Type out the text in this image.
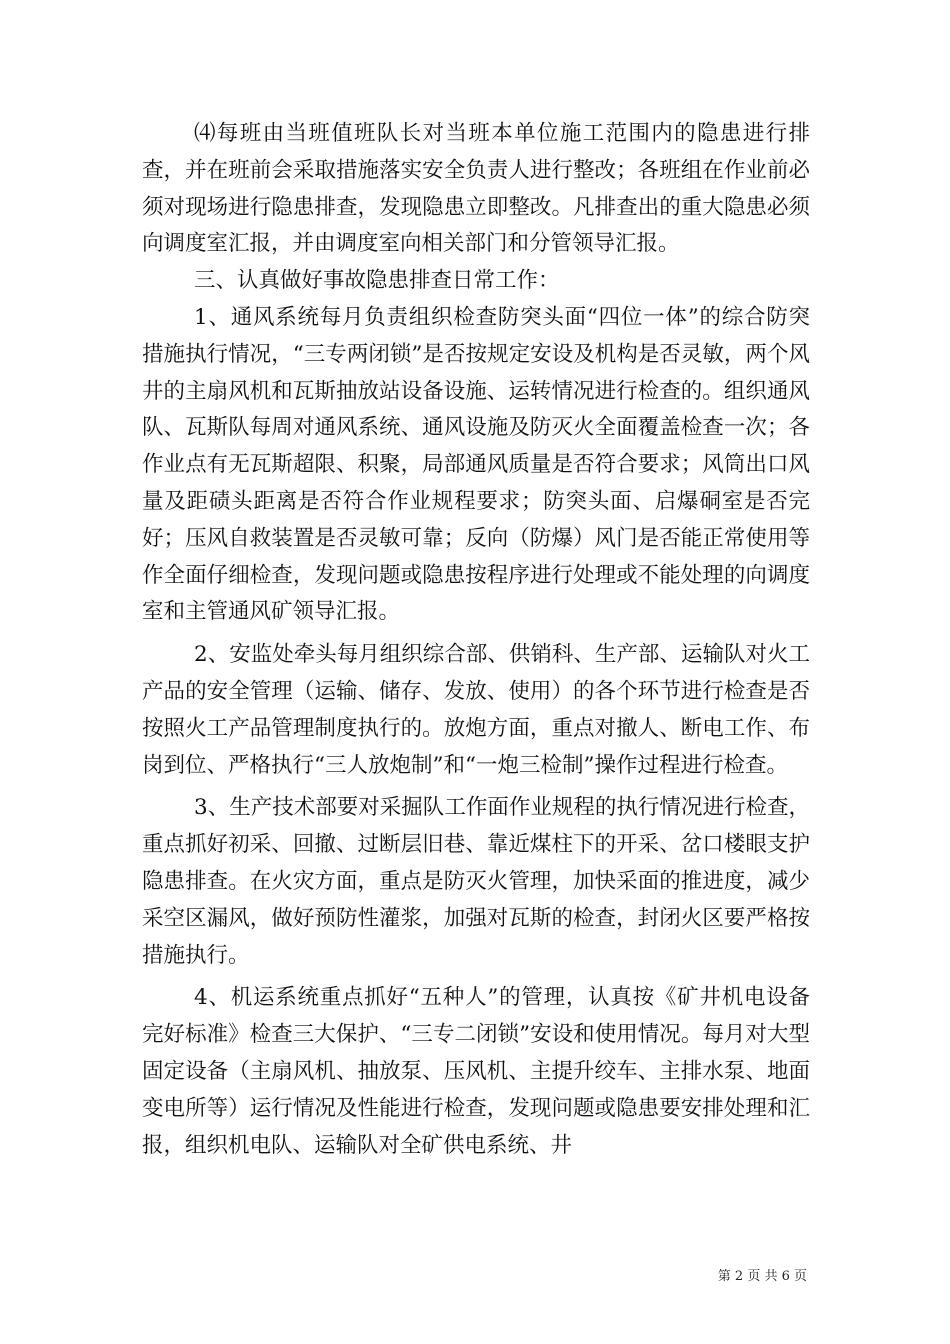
⑷每班由当班值班队长对当班本单位施工范围内的隐患进行排查，并在班前会采取措施落实安全负责人进行整改；各班组在作业前必须对现场进行隐患排查，发现隐患立即整改。凡排查出的重大隐患必须向调度室汇报，并由调度室向相关部门和分管领导汇报。

三、认真做好事故隐患排查日常工作：

1、通风系统每月负责组织检查防突头面“四位一体”的综合防突措施执行情况，“三专两闭锁”是否按规定安设及机构是否灵敏，两个风井的主扇风机和瓦斯抽放站设备设施、运转情况进行检查的。组织通风队、瓦斯队每周对通风系统、通风设施及防灭火全面覆盖检查一次；各作业点有无瓦斯超限、积聚，局部通风质量是否符合要求；风筒出口风量及距碛头距离是否符合作业规程要求；防突头面、启爆硐室是否完好；压风自救装置是否灵敏可靠；反向（防爆）风门是否能正常使用等作全面仔细检查，发现问题或隐患按程序进行处理或不能处理的向调度室和主管通风矿领导汇报。

2、安监处牵头每月组织综合部、供销科、生产部、运输队对火工产品的安全管理（运输、储存、发放、使用）的各个环节进行检查是否按照火工产品管理制度执行的。放炮方面，重点对撤人、断电工作、布岗到位、严格执行“三人放炮制”和“一炮三检制”操作过程进行检查。

3、生产技术部要对采掘队工作面作业规程的执行情况进行检查，重点抓好初采、回撤、过断层旧巷、靠近煤柱下的开采、岔口楼眼支护隐患排查。在火灾方面，重点是防灭火管理，加快采面的推进度，减少采空区漏风，做好预防性灌浆，加强对瓦斯的检查，封闭火区要严格按措施执行。

4、机运系统重点抓好“五种人”的管理，认真按《矿井机电设备完好标准》检查三大保护、“三专二闭锁”安设和使用情况。每月对大型固定设备（主扇风机、抽放泵、压风机、主提升绞车、主排水泵、地面变电所等）运行情况及性能进行检查，发现问题或隐患要安排处理和汇报，组织机电队、运输队对全矿供电系统、井

第 2 页 共 6 页
